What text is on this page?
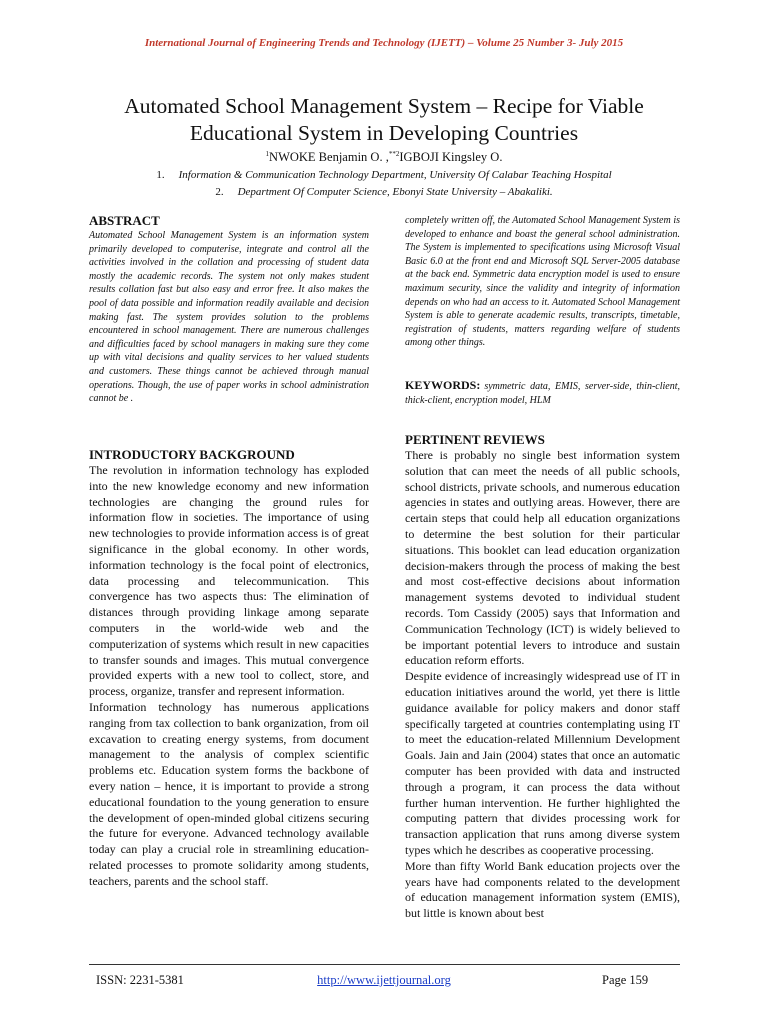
International Journal of Engineering Trends and Technology (IJETT) – Volume 25 Number 3- July 2015
Automated School Management System – Recipe for Viable
Educational System in Developing Countries
$^1$NWOKE Benjamin O. ,$^{**2}$IGBOJI Kingsley O.
1. Information & Communication Technology Department, University Of Calabar Teaching Hospital
2. Department Of Computer Science, Ebonyi State University – Abakaliki.
ABSTRACT
Automated School Management System is an information system primarily developed to computerise, integrate and control all the activities involved in the collation and processing of student data mostly the academic records. The system not only makes student results collation fast but also easy and error free. It also makes the pool of data possible and information readily available and decision making fast. The system provides solution to the problems encountered in school management. There are numerous challenges and difficulties faced by school managers in making sure they come up with vital decisions and quality services to her valued students and customers. These things cannot be achieved through manual operations. Though, the use of paper works in school administration cannot be .
INTRODUCTORY BACKGROUND
The revolution in information technology has exploded into the new knowledge economy and new information technologies are changing the ground rules for information flow in societies. The importance of using new technologies to provide information access is of great significance in the global economy. In other words, information technology is the focal point of electronics, data processing and telecommunication. This convergence has two aspects thus: The elimination of distances through providing linkage among separate computers in the world-wide web and the computerization of systems which result in new capacities to transfer sounds and images. This mutual convergence provided experts with a new tool to collect, store, and process, organize, transfer and represent information.
Information technology has numerous applications ranging from tax collection to bank organization, from oil excavation to creating energy systems, from document management to the analysis of complex scientific problems etc. Education system forms the backbone of every nation – hence, it is important to provide a strong educational foundation to the young generation to ensure the development of open-minded global citizens securing the future for everyone. Advanced technology available today can play a crucial role in streamlining education-related processes to promote solidarity among students, teachers, parents and the school staff.
completely written off, the Automated School Management System is developed to enhance and boast the general school administration. The System is implemented to specifications using Microsoft Visual Basic 6.0 at the front end and Microsoft SQL Server-2005 database at the back end. Symmetric data encryption model is used to ensure maximum security, since the validity and integrity of information depends on who had an access to it. Automated School Management System is able to generate academic results, transcripts, timetable, registration of students, matters regarding welfare of students among other things.
KEYWORDS: symmetric data, EMIS, server-side, thin-client, thick-client, encryption model, HLM
PERTINENT REVIEWS
There is probably no single best information system solution that can meet the needs of all public schools, school districts, private schools, and numerous education agencies in states and outlying areas. However, there are certain steps that could help all education organizations to determine the best solution for their particular situations. This booklet can lead education organization decision-makers through the process of making the best and most cost-effective decisions about information management systems devoted to individual student records. Tom Cassidy (2005) says that Information and Communication Technology (ICT) is widely believed to be important potential levers to introduce and sustain education reform efforts.
Despite evidence of increasingly widespread use of IT in education initiatives around the world, yet there is little guidance available for policy makers and donor staff specifically targeted at countries contemplating using IT to meet the education-related Millennium Development Goals. Jain and Jain (2004) states that once an automatic computer has been provided with data and instructed through a program, it can process the data without further human intervention. He further highlighted the computing pattern that divides processing work for transaction application that runs among diverse system types which he describes as cooperative processing.
More than fifty World Bank education projects over the years have had components related to the development of education management information system (EMIS), but little is known about best
ISSN: 2231-5381	http://www.ijettjournal.org	Page 159
